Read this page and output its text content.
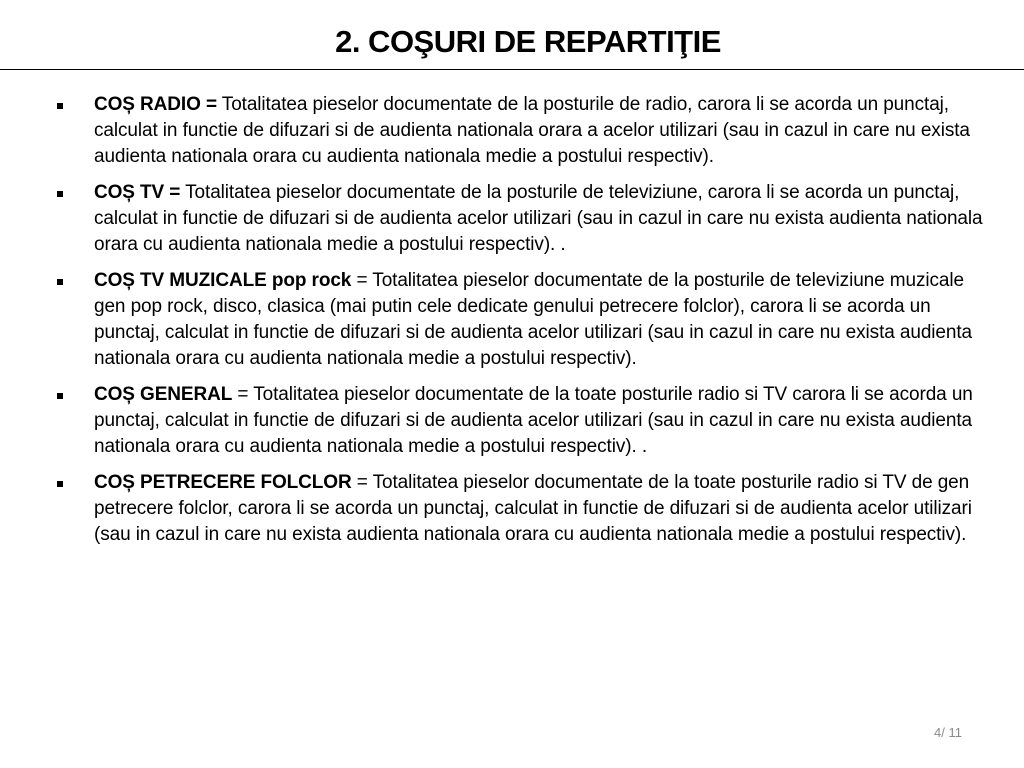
2. COŞURI DE REPARTIŢIE
COȘ RADIO = Totalitatea pieselor documentate de la posturile de radio, carora li se acorda un punctaj, calculat in functie de difuzari si de audienta nationala orara a acelor utilizari (sau in cazul in care nu exista audienta nationala orara cu audienta nationala medie a postului respectiv).
COȘ TV = Totalitatea pieselor documentate de la posturile de televiziune, carora li se acorda un punctaj, calculat in functie de difuzari si de audienta acelor utilizari (sau in cazul in care nu exista audienta nationala orara cu audienta nationala medie a postului respectiv). .
COȘ TV MUZICALE pop rock = Totalitatea pieselor documentate de la posturile de televiziune muzicale gen pop rock, disco, clasica (mai putin cele dedicate genului petrecere folclor), carora li se acorda un punctaj, calculat in functie de difuzari si de audienta acelor utilizari (sau in cazul in care nu exista audienta nationala orara cu audienta nationala medie a postului respectiv).
COȘ GENERAL = Totalitatea pieselor documentate de la toate posturile radio si TV carora li se acorda un punctaj, calculat in functie de difuzari si de audienta acelor utilizari (sau in cazul in care nu exista audienta nationala orara cu audienta nationala medie a postului respectiv). .
COȘ PETRECERE FOLCLOR = Totalitatea pieselor documentate de la toate posturile radio si TV de gen petrecere folclor, carora li se acorda un punctaj, calculat in functie de difuzari si de audienta acelor utilizari (sau in cazul in care nu exista audienta nationala orara cu audienta nationala medie a postului respectiv).
4/ 11
